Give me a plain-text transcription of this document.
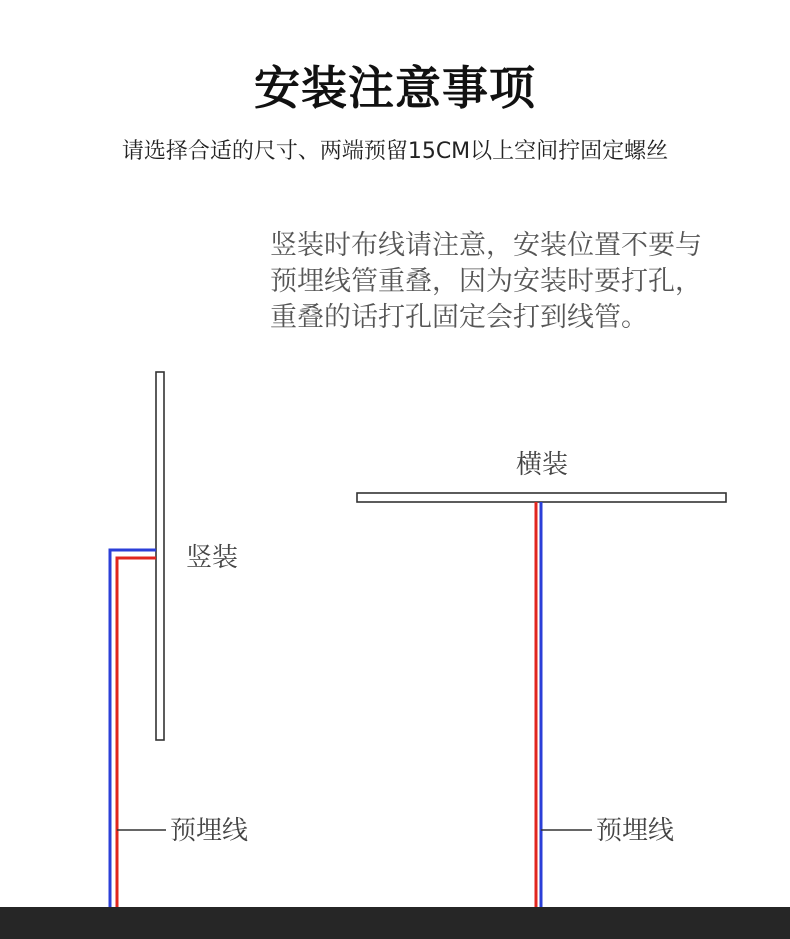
安装注意事项
请选择合适的尺寸、两端预留15CM以上空间拧固定螺丝
竖装时布线请注意，安装位置不要与
预埋线管重叠，因为安装时要打孔，
重叠的话打孔固定会打到线管。
竖装
预埋线
横装
预埋线
